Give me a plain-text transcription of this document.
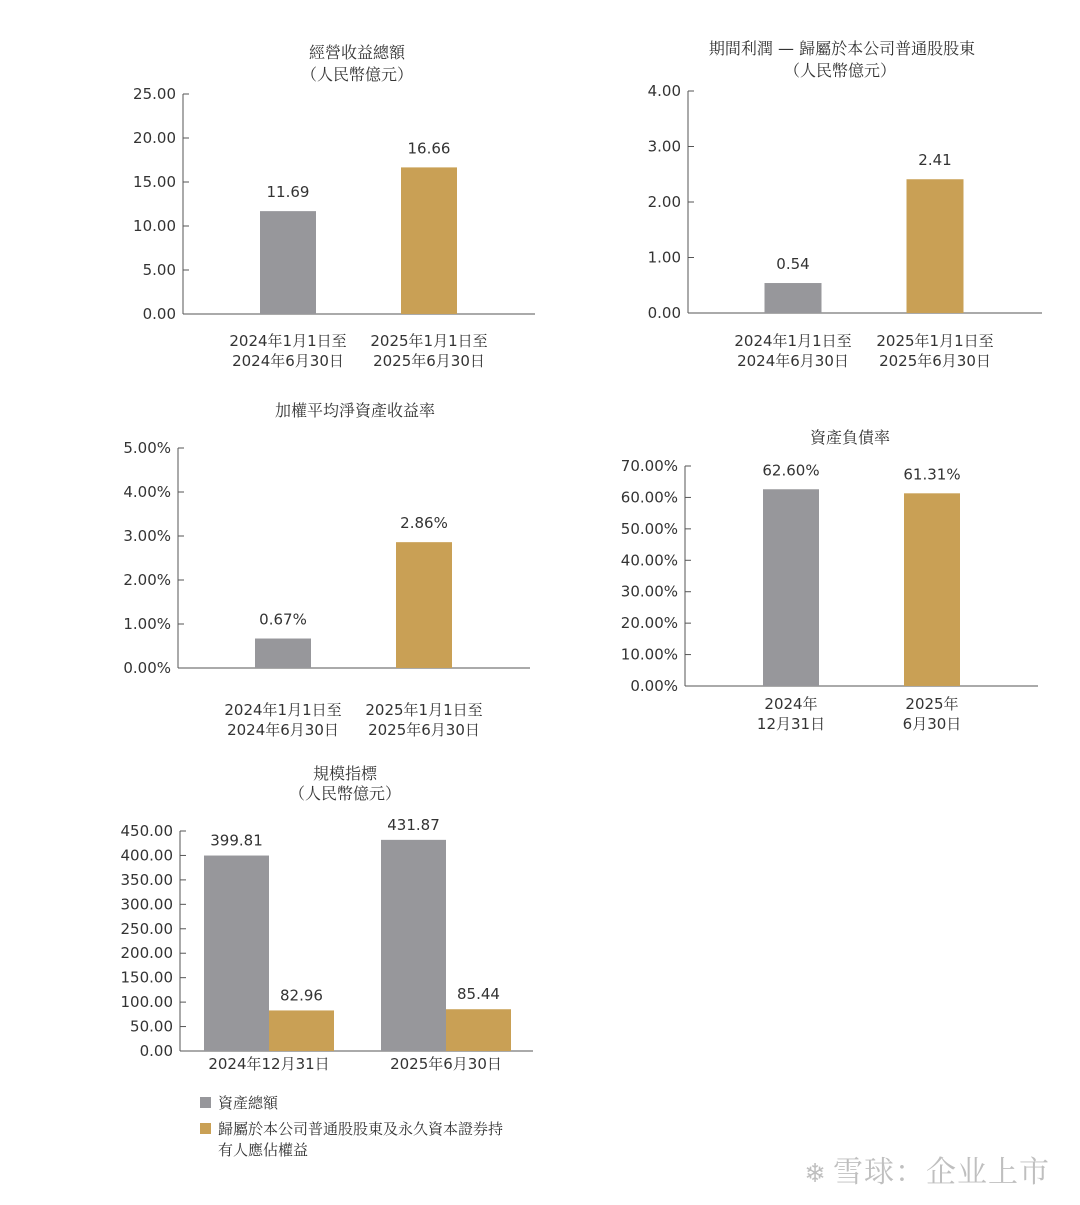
經營收益總額
（人民幣億元）
0.00
5.00
10.00
15.00
20.00
25.00
11.69
2024年1月1日至
2024年6月30日
16.66
2025年1月1日至
2025年6月30日
期間利潤 — 歸屬於本公司普通股股東
（人民幣億元）
0.00
1.00
2.00
3.00
4.00
0.54
2024年1月1日至
2024年6月30日
2.41
2025年1月1日至
2025年6月30日
加權平均淨資產收益率
0.00%
1.00%
2.00%
3.00%
4.00%
5.00%
0.67%
2024年1月1日至
2024年6月30日
2.86%
2025年1月1日至
2025年6月30日
資產負債率
0.00%
10.00%
20.00%
30.00%
40.00%
50.00%
60.00%
70.00%	62.60%
2024年
12月31日
61.31%
2025年
6月30日
規模指標
（人民幣億元）
0.00
50.00
100.00
150.00
200.00
250.00
300.00
350.00
400.00
450.00
399.81
82.96
2024年12月31日
431.87
85.44
2025年6月30日
資產總額
歸屬於本公司普通股股東及永久資本證券持
有人應佔權益
❄ 雪球：企业上市
